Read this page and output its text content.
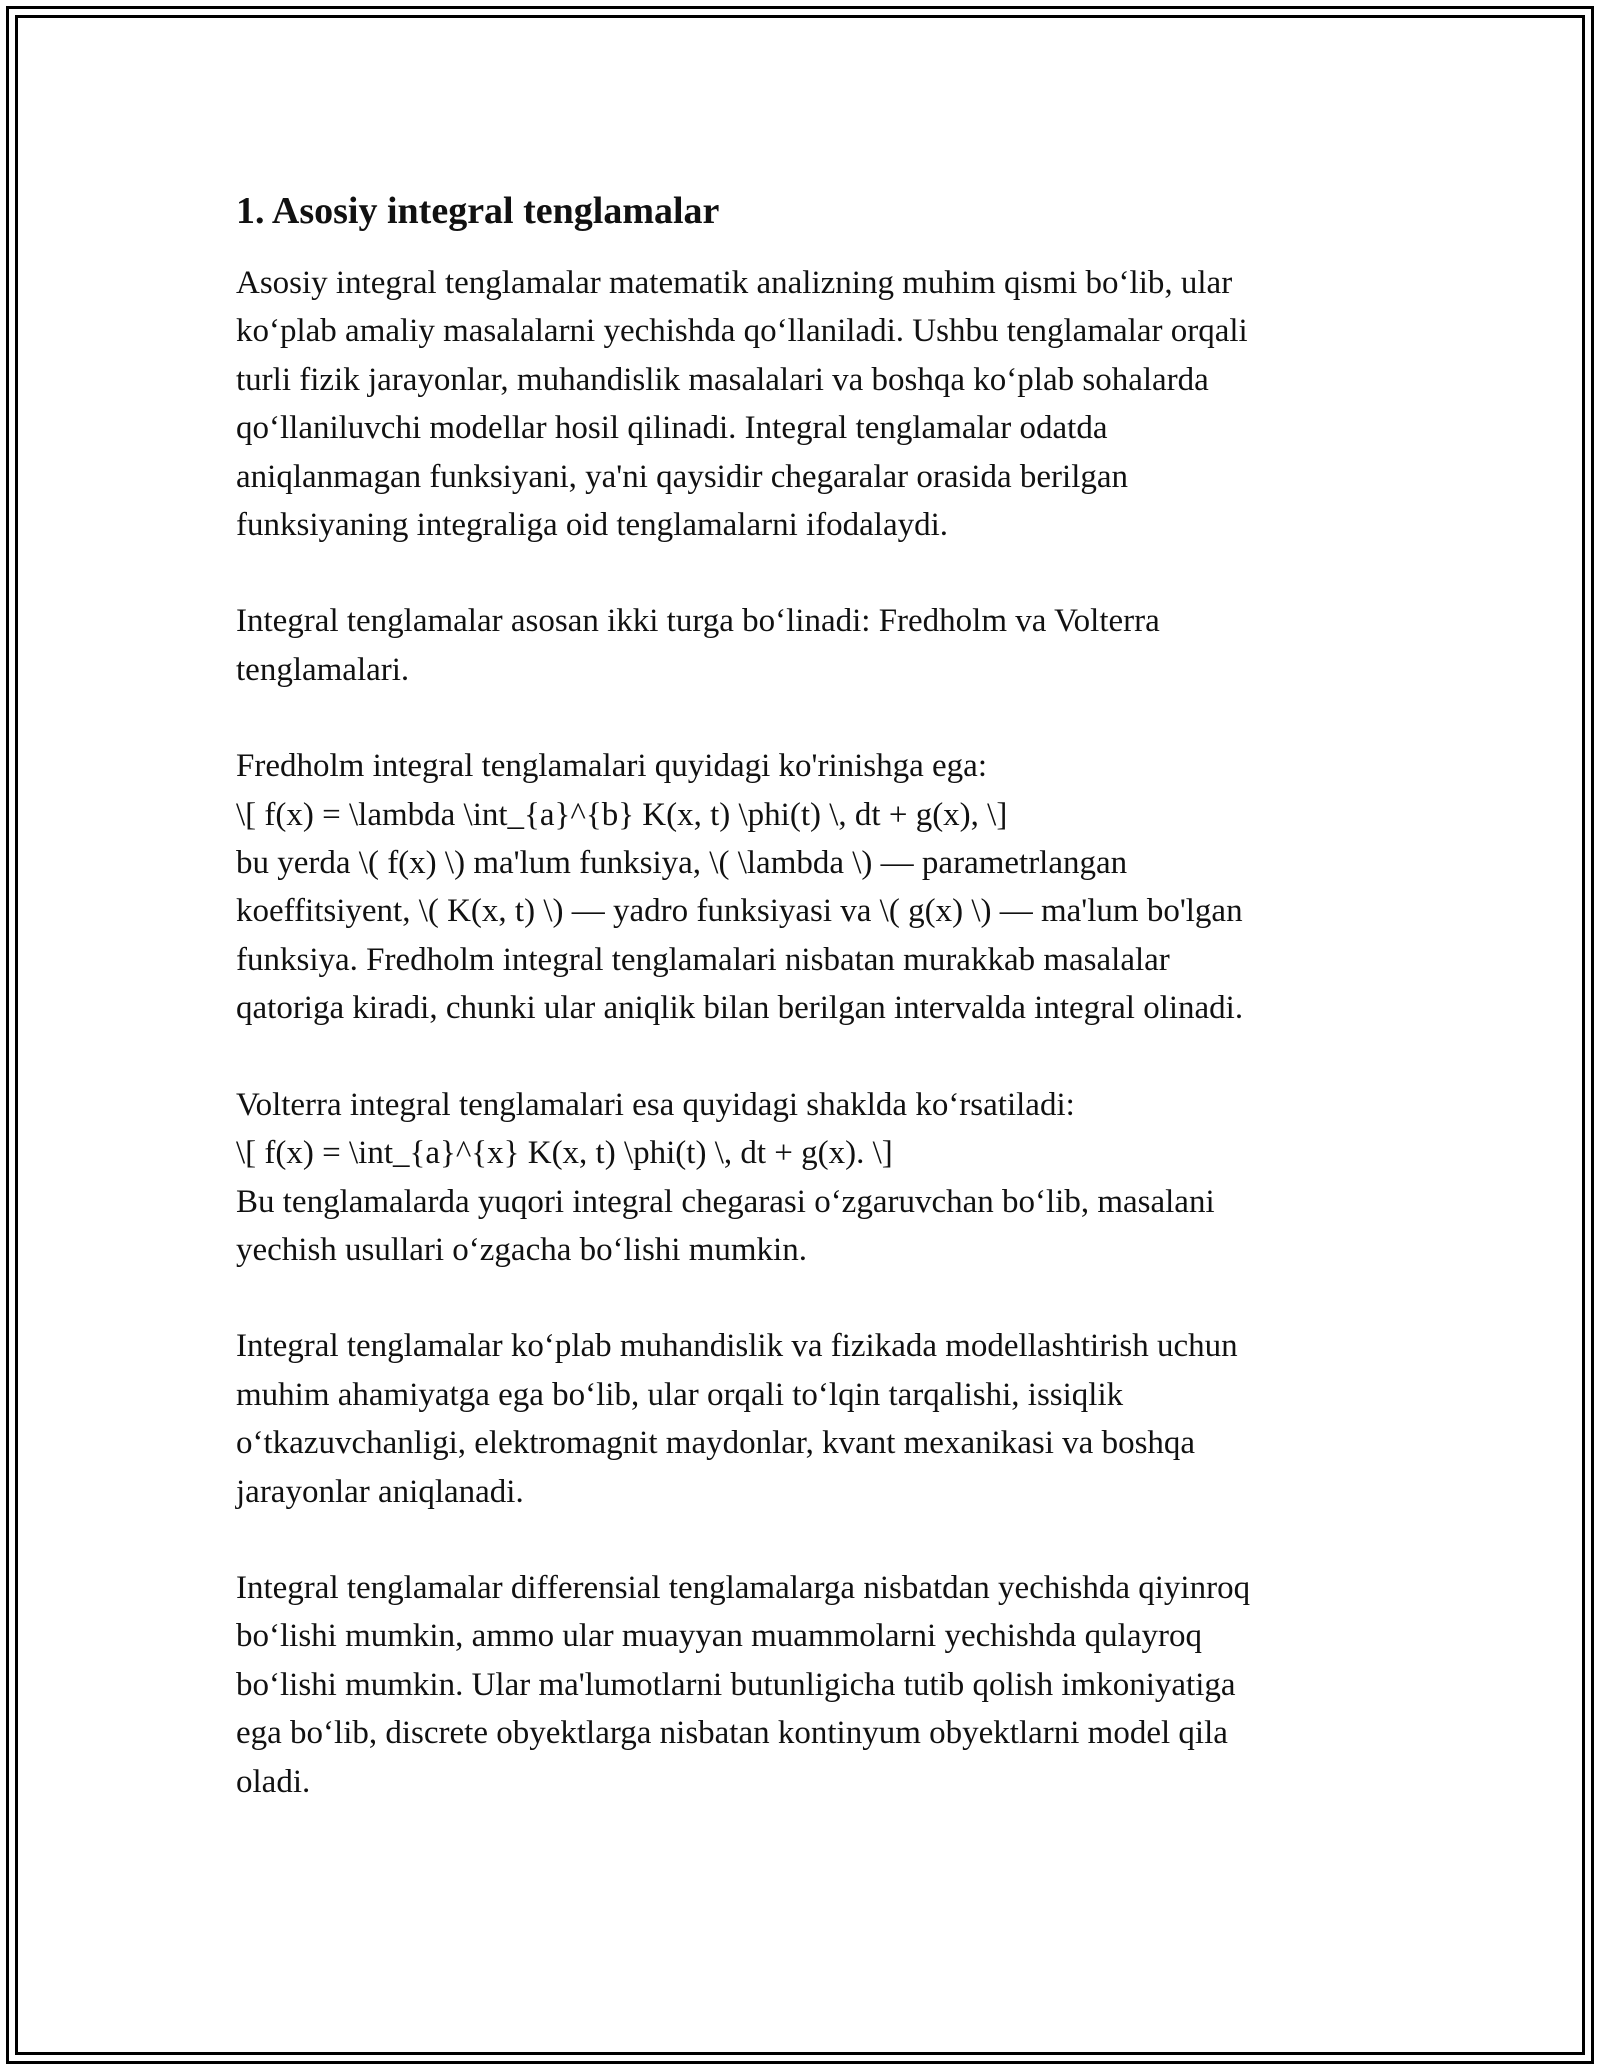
1. Asosiy integral tenglamalar

Asosiy integral tenglamalar matematik analizning muhim qismi boʻlib, ular
koʻplab amaliy masalalarni yechishda qoʻllaniladi. Ushbu tenglamalar orqali
turli fizik jarayonlar, muhandislik masalalari va boshqa koʻplab sohalarda
qoʻllaniluvchi modellar hosil qilinadi. Integral tenglamalar odatda
aniqlanmagan funksiyani, ya'ni qaysidir chegaralar orasida berilgan
funksiyaning integraliga oid tenglamalarni ifodalaydi.

Integral tenglamalar asosan ikki turga boʻlinadi: Fredholm va Volterra
tenglamalari.

Fredholm integral tenglamalari quyidagi ko'rinishga ega:
\[ f(x) = \lambda \int_{a}^{b} K(x, t) \phi(t) \, dt + g(x), \]
bu yerda \( f(x) \) ma'lum funksiya, \( \lambda \) — parametrlangan
koeffitsiyent, \( K(x, t) \) — yadro funksiyasi va \( g(x) \) — ma'lum bo'lgan
funksiya. Fredholm integral tenglamalari nisbatan murakkab masalalar
qatoriga kiradi, chunki ular aniqlik bilan berilgan intervalda integral olinadi.

Volterra integral tenglamalari esa quyidagi shaklda koʻrsatiladi:
\[ f(x) = \int_{a}^{x} K(x, t) \phi(t) \, dt + g(x). \]
Bu tenglamalarda yuqori integral chegarasi oʻzgaruvchan boʻlib, masalani
yechish usullari oʻzgacha boʻlishi mumkin.

Integral tenglamalar koʻplab muhandislik va fizikada modellashtirish uchun
muhim ahamiyatga ega boʻlib, ular orqali toʻlqin tarqalishi, issiqlik
oʻtkazuvchanligi, elektromagnit maydonlar, kvant mexanikasi va boshqa
jarayonlar aniqlanadi.

Integral tenglamalar differensial tenglamalarga nisbatdan yechishda qiyinroq
boʻlishi mumkin, ammo ular muayyan muammolarni yechishda qulayroq
boʻlishi mumkin. Ular ma'lumotlarni butunligicha tutib qolish imkoniyatiga
ega boʻlib, discrete obyektlarga nisbatan kontinyum obyektlarni model qila
oladi.
